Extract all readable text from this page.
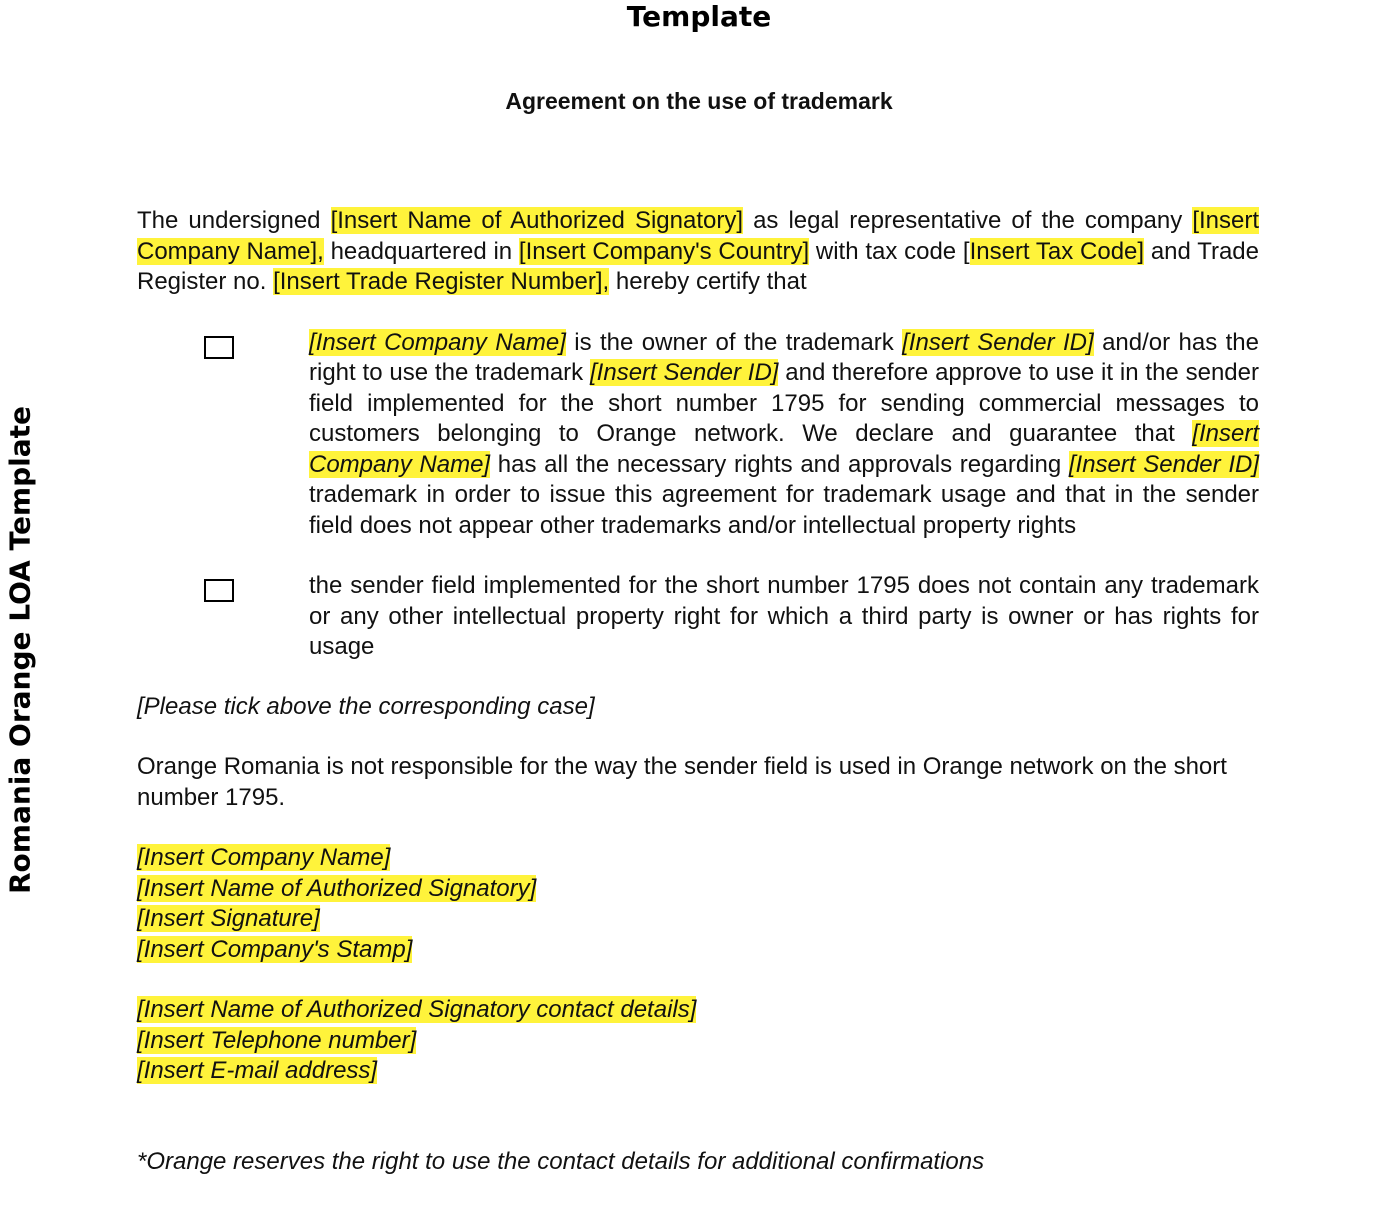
Template
Romania Orange LOA Template
Agreement on the use of trademark

The undersigned [Insert Name of Authorized Signatory] as legal representative of the company [Insert Company Name], headquartered in [Insert Company's Country] with tax code [Insert Tax Code] and Trade Register no. [Insert Trade Register Number], hereby certify that

[Insert Company Name] is the owner of the trademark [Insert Sender ID] and/or has the right to use the trademark [Insert Sender ID] and therefore approve to use it in the sender field implemented for the short number 1795 for sending commercial messages to customers belonging to Orange network. We declare and guarantee that [Insert Company Name] has all the necessary rights and approvals regarding [Insert Sender ID] trademark in order to issue this agreement for trademark usage and that in the sender field does not appear other trademarks and/or intellectual property rights

the sender field implemented for the short number 1795 does not contain any trademark or any other intellectual property right for which a third party is owner or has rights for usage

[Please tick above the corresponding case]

Orange Romania is not responsible for the way the sender field is used in Orange network on the short number 1795.

[Insert Company Name]
[Insert Name of Authorized Signatory]
[Insert Signature]
[Insert Company's Stamp]
[Insert Name of Authorized Signatory contact details]
[Insert Telephone number]
[Insert E-mail address]

*Orange reserves the right to use the contact details for additional confirmations
